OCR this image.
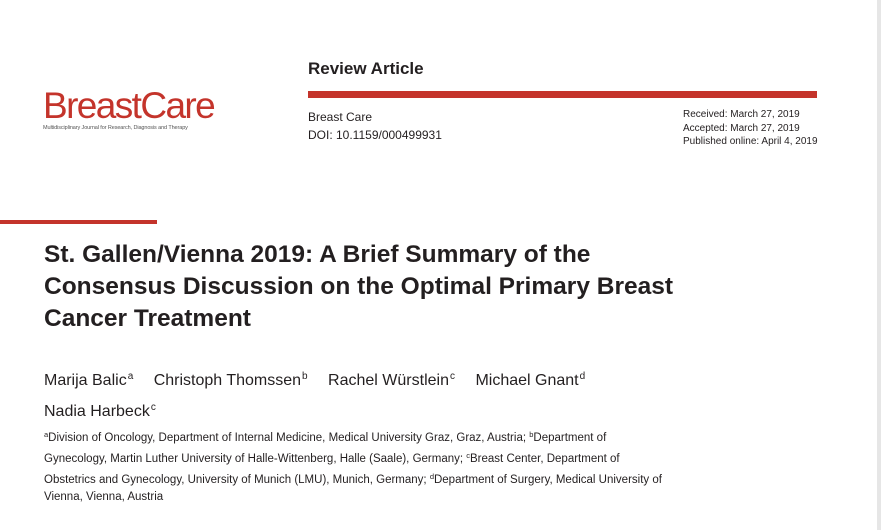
BreastCare
Multidisciplinary Journal for Research, Diagnosis and Therapy
Review Article
Breast Care
DOI: 10.1159/000499931
Received: March 27, 2019
Accepted: March 27, 2019
Published online: April 4, 2019
St. Gallen/Vienna 2019: A Brief Summary of the Consensus Discussion on the Optimal Primary Breast Cancer Treatment
Marija Balic$^a$ Christoph Thomssen$^b$ Rachel Würstlein$^c$ Michael Gnant$^d$
Nadia Harbeck$^c$
$^a$Division of Oncology, Department of Internal Medicine, Medical University Graz, Graz, Austria; $^b$Department of Gynecology, Martin Luther University of Halle-Wittenberg, Halle (Saale), Germany; $^c$Breast Center, Department of Obstetrics and Gynecology, University of Munich (LMU), Munich, Germany; $^d$Department of Surgery, Medical University of Vienna, Vienna, Austria
